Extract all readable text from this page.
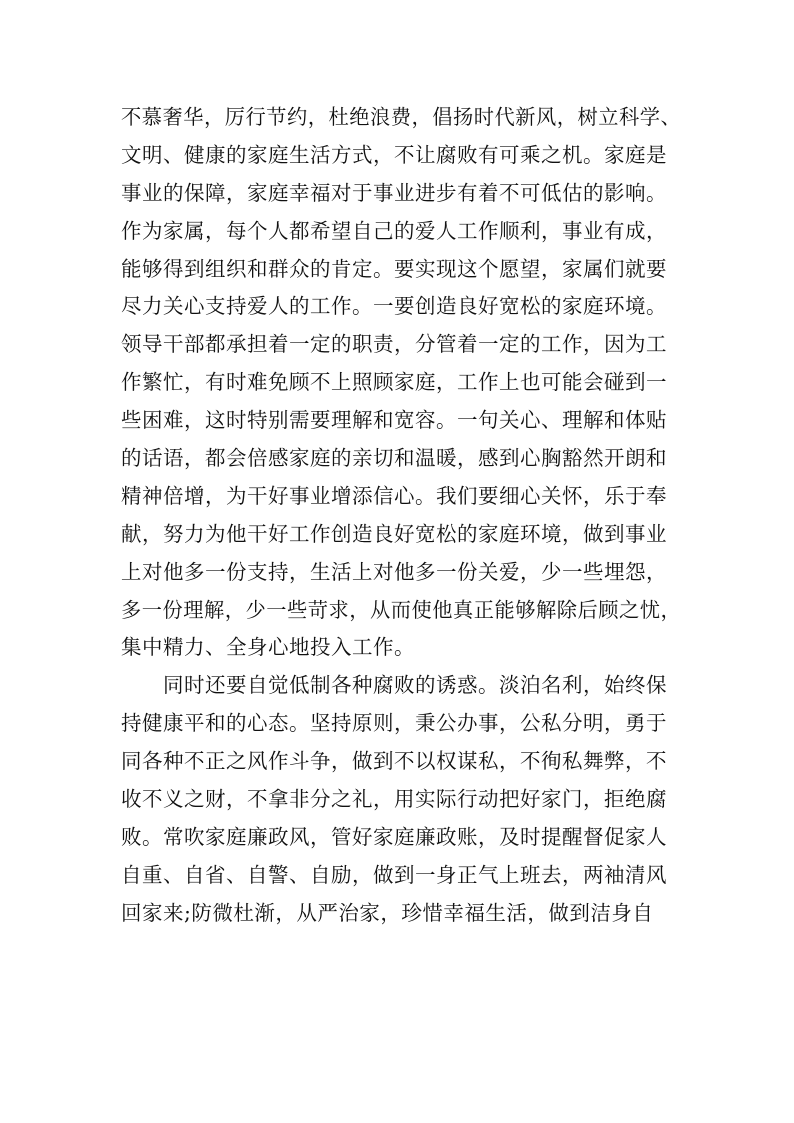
不慕奢华，厉行节约，杜绝浪费，倡扬时代新风，树立科学、
文明、健康的家庭生活方式，不让腐败有可乘之机。家庭是
事业的保障，家庭幸福对于事业进步有着不可低估的影响。
作为家属，每个人都希望自己的爱人工作顺利，事业有成，
能够得到组织和群众的肯定。要实现这个愿望，家属们就要
尽力关心支持爱人的工作。一要创造良好宽松的家庭环境。
领导干部都承担着一定的职责，分管着一定的工作，因为工
作繁忙，有时难免顾不上照顾家庭，工作上也可能会碰到一
些困难，这时特别需要理解和宽容。一句关心、理解和体贴
的话语，都会倍感家庭的亲切和温暖，感到心胸豁然开朗和
精神倍增，为干好事业增添信心。我们要细心关怀，乐于奉
献，努力为他干好工作创造良好宽松的家庭环境，做到事业
上对他多一份支持，生活上对他多一份关爱，少一些埋怨，
多一份理解，少一些苛求，从而使他真正能够解除后顾之忧，
集中精力、全身心地投入工作。
　　同时还要自觉低制各种腐败的诱惑。淡泊名利，始终保
持健康平和的心态。坚持原则，秉公办事，公私分明，勇于
同各种不正之风作斗争，做到不以权谋私，不徇私舞弊，不
收不义之财，不拿非分之礼，用实际行动把好家门，拒绝腐
败。常吹家庭廉政风，管好家庭廉政账，及时提醒督促家人
自重、自省、自警、自励，做到一身正气上班去，两袖清风
回家来;防微杜渐，从严治家，珍惜幸福生活，做到洁身自
